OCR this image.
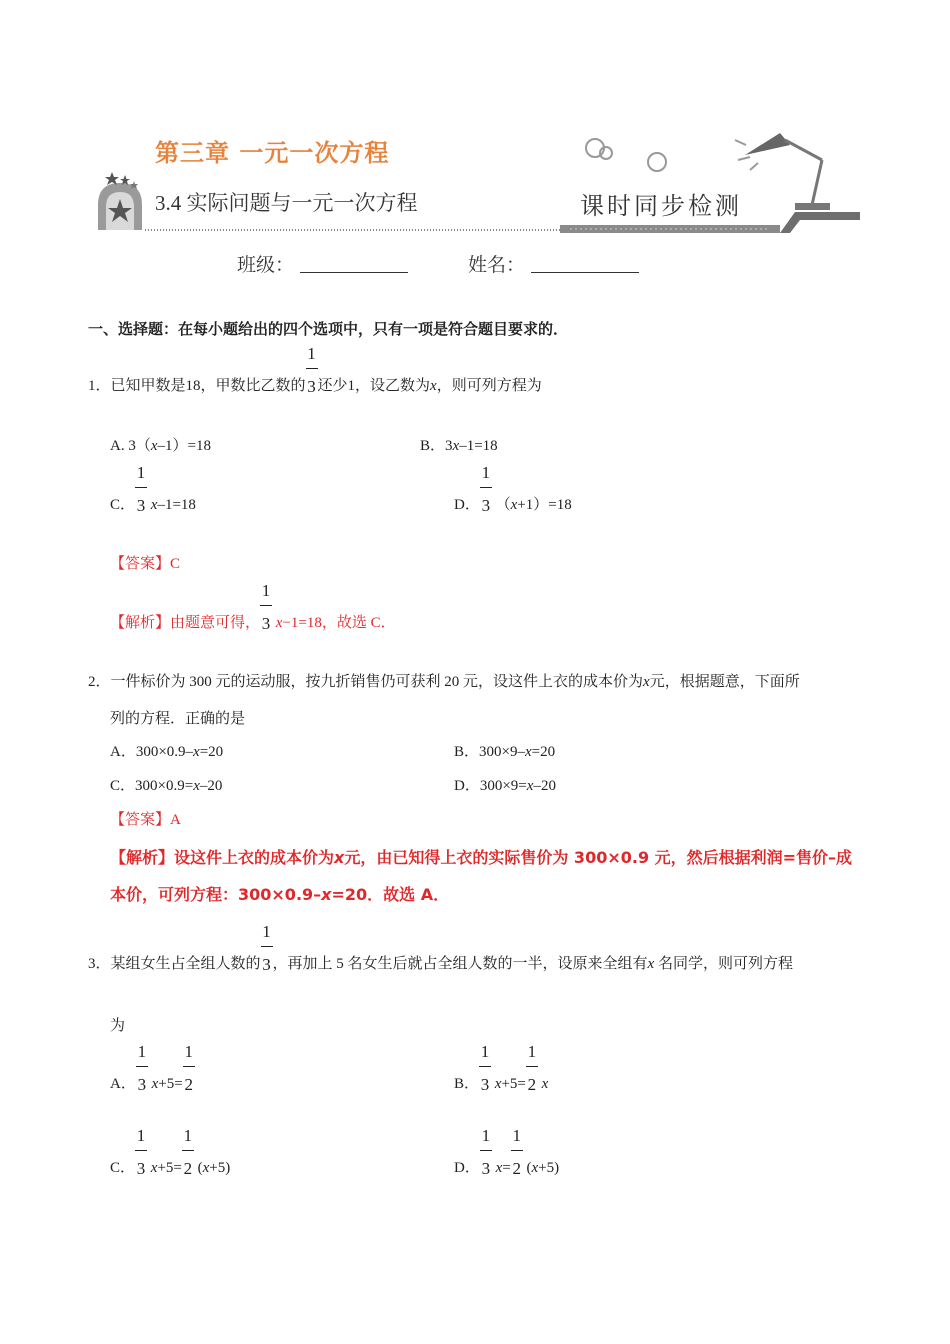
第三章 一元一次方程
3.4 实际问题与一元一次方程	课时同步检测
班级：	姓名：
一、选择题：在每小题给出的四个选项中，只有一项是符合题目要求的．
1．已知甲数是18，甲数比乙数的 $\frac{1}{3}$还少1，设乙数为x，则可列方程为
A. 3（x–1）=18	B．3x–1=18
C． $\frac{1}{3} x-1=18$	D． $\frac{1}{3} (x+1)=18$
【答案】C
【解析】由题意可得， $\frac{1}{3} x-1=18$，故选 C．
2．一件标价为 300 元的运动服，按九折销售仍可获利 20 元，设这件上衣的成本价为x元，根据题意，下面所
列的方程．正确的是
A．300×0.9–x=20	B．300×9–x=20
C．300×0.9=x–20	D．300×9=x–20
【答案】A
【解析】设这件上衣的成本价为x元，由已知得上衣的实际售价为 300×0.9 元，然后根据利润=售价–成
本价，可列方程：300×0.9–x=20．故选 A．
3．某组女生占全组人数的 $\frac{1}{3}$，再加上 5 名女生后就占全组人数的一半，设原来全组有x 名同学，则可列方程
为
A． $\frac{1}{3} x+5= \frac{1}{2}$	B． $\frac{1}{3} x+5= \frac{1}{2}$ x
C． $\frac{1}{3} x+5= \frac{1}{2} (x+5)$	D． $\frac{1}{3} x= \frac{1}{2} (x+5)$
